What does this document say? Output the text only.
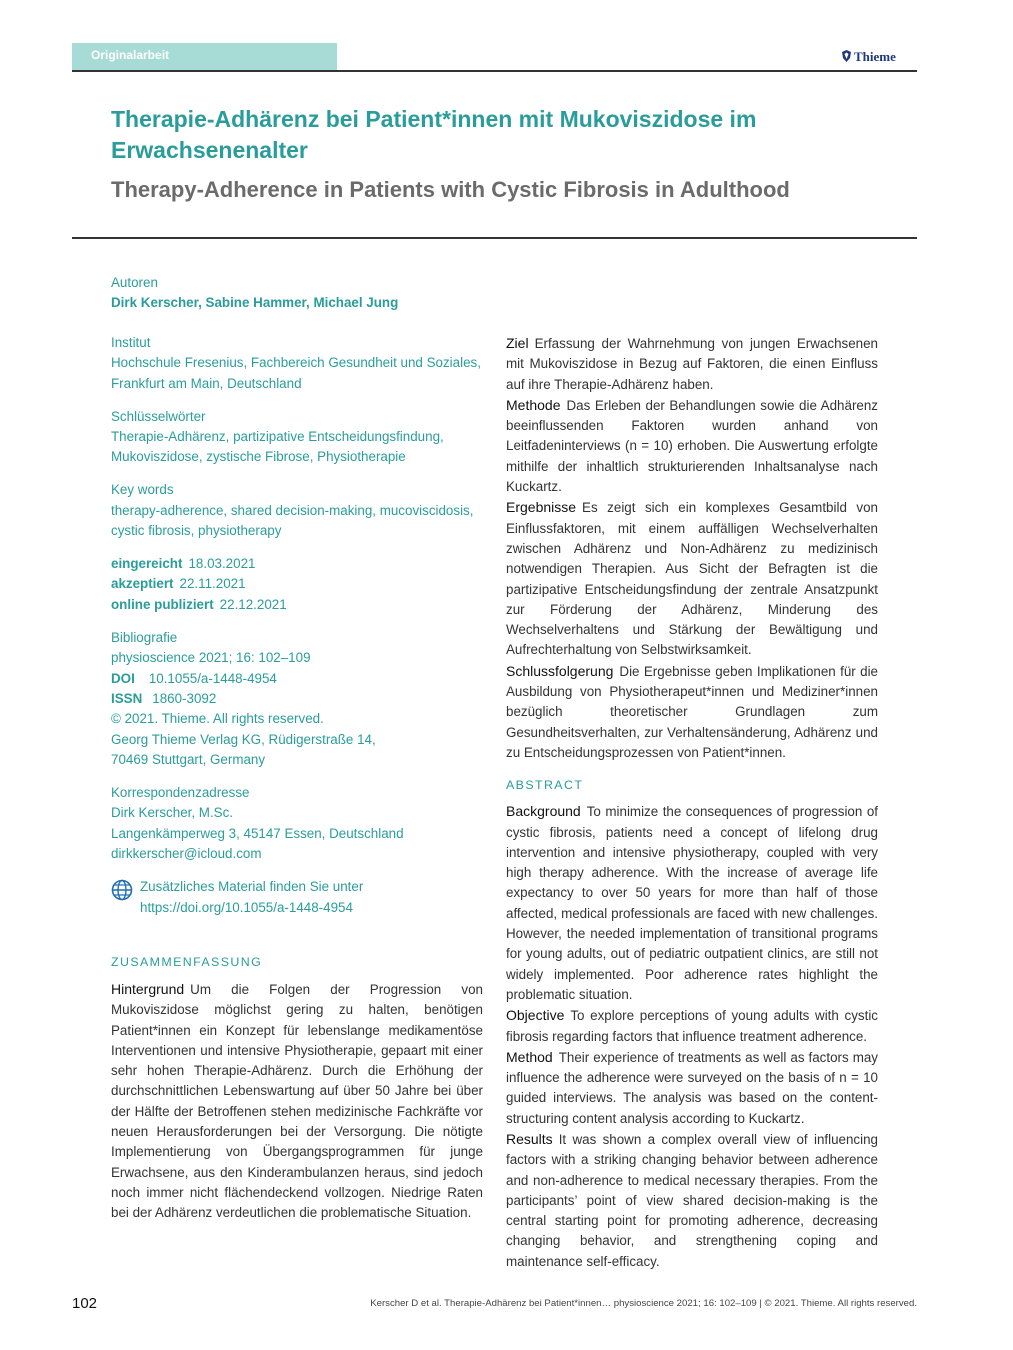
Originalarbeit	Thieme
Therapie-Adhärenz bei Patient*innen mit Mukoviszidose im Erwachsenenalter
Therapy-Adherence in Patients with Cystic Fibrosis in Adulthood
Autoren
Dirk Kerscher, Sabine Hammer, Michael Jung
Institut
Hochschule Fresenius, Fachbereich Gesundheit und Soziales,
Frankfurt am Main, Deutschland
Schlüsselwörter
Therapie-Adhärenz, partizipative Entscheidungsfindung,
Mukoviszidose, zystische Fibrose, Physiotherapie
Key words
therapy-adherence, shared decision-making, mucoviscidosis,
cystic fibrosis, physiotherapy
eingereicht 18.03.2021
akzeptiert 22.11.2021
online publiziert 22.12.2021
Bibliografie
physioscience 2021; 16: 102–109
DOI 10.1055/a-1448-4954
ISSN 1860-3092
© 2021. Thieme. All rights reserved.
Georg Thieme Verlag KG, Rüdigerstraße 14,
70469 Stuttgart, Germany
Korrespondenzadresse
Dirk Kerscher, M.Sc.
Langenkämperweg 3, 45147 Essen, Deutschland
dirkkerscher@icloud.com
Zusätzliches Material finden Sie unter
https://doi.org/10.1055/a-1448-4954
ZUSAMMENFASSUNG

Hintergrund Um die Folgen der Progression von Mukoviszidose möglichst gering zu halten, benötigen Patient*innen ein Konzept für lebenslange medikamentöse Interventionen und intensive Physiotherapie, gepaart mit einer sehr hohen Therapie-Adhärenz. Durch die Erhöhung der durchschnittlichen Lebenswartung auf über 50 Jahre bei über der Hälfte der Betroffenen stehen medizinische Fachkräfte vor neuen Herausforderungen bei der Versorgung. Die nötigte Implementierung von Übergangsprogrammen für junge Erwachsene, aus den Kinderambulanzen heraus, sind jedoch noch immer nicht flächendeckend vollzogen. Niedrige Raten bei der Adhärenz verdeutlichen die problematische Situation.

Ziel Erfassung der Wahrnehmung von jungen Erwachsenen mit Mukoviszidose in Bezug auf Faktoren, die einen Einfluss auf ihre Therapie-Adhärenz haben.

Methode Das Erleben der Behandlungen sowie die Adhärenz beeinflussenden Faktoren wurden anhand von Leitfadeninterviews (n = 10) erhoben. Die Auswertung erfolgte mithilfe der inhaltlich strukturierenden Inhaltsanalyse nach Kuckartz.

Ergebnisse Es zeigt sich ein komplexes Gesamtbild von Einflussfaktoren, mit einem auffälligen Wechselverhalten zwischen Adhärenz und Non-Adhärenz zu medizinisch notwendigen Therapien. Aus Sicht der Befragten ist die partizipative Entscheidungsfindung der zentrale Ansatzpunkt zur Förderung der Adhärenz, Minderung des Wechselverhaltens und Stärkung der Bewältigung und Aufrechterhaltung von Selbstwirksamkeit.

Schlussfolgerung Die Ergebnisse geben Implikationen für die Ausbildung von Physiotherapeut*innen und Mediziner*innen bezüglich theoretischer Grundlagen zum Gesundheitsverhalten, zur Verhaltensänderung, Adhärenz und zu Entscheidungsprozessen von Patient*innen.

ABSTRACT

Background To minimize the consequences of progression of cystic fibrosis, patients need a concept of lifelong drug intervention and intensive physiotherapy, coupled with very high therapy adherence. With the increase of average life expectancy to over 50 years for more than half of those affected, medical professionals are faced with new challenges. However, the needed implementation of transitional programs for young adults, out of pediatric outpatient clinics, are still not widely implemented. Poor adherence rates highlight the problematic situation.

Objective To explore perceptions of young adults with cystic fibrosis regarding factors that influence treatment adherence.

Method Their experience of treatments as well as factors may influence the adherence were surveyed on the basis of n = 10 guided interviews. The analysis was based on the content-structuring content analysis according to Kuckartz.

Results It was shown a complex overall view of influencing factors with a striking changing behavior between adherence and non-adherence to medical necessary therapies. From the participants’ point of view shared decision-making is the central starting point for promoting adherence, decreasing changing behavior, and strengthening coping and maintenance self-efficacy.

102	Kerscher D et al. Therapie-Adhärenz bei Patient*innen… physioscience 2021; 16: 102–109 | © 2021. Thieme. All rights reserved.
